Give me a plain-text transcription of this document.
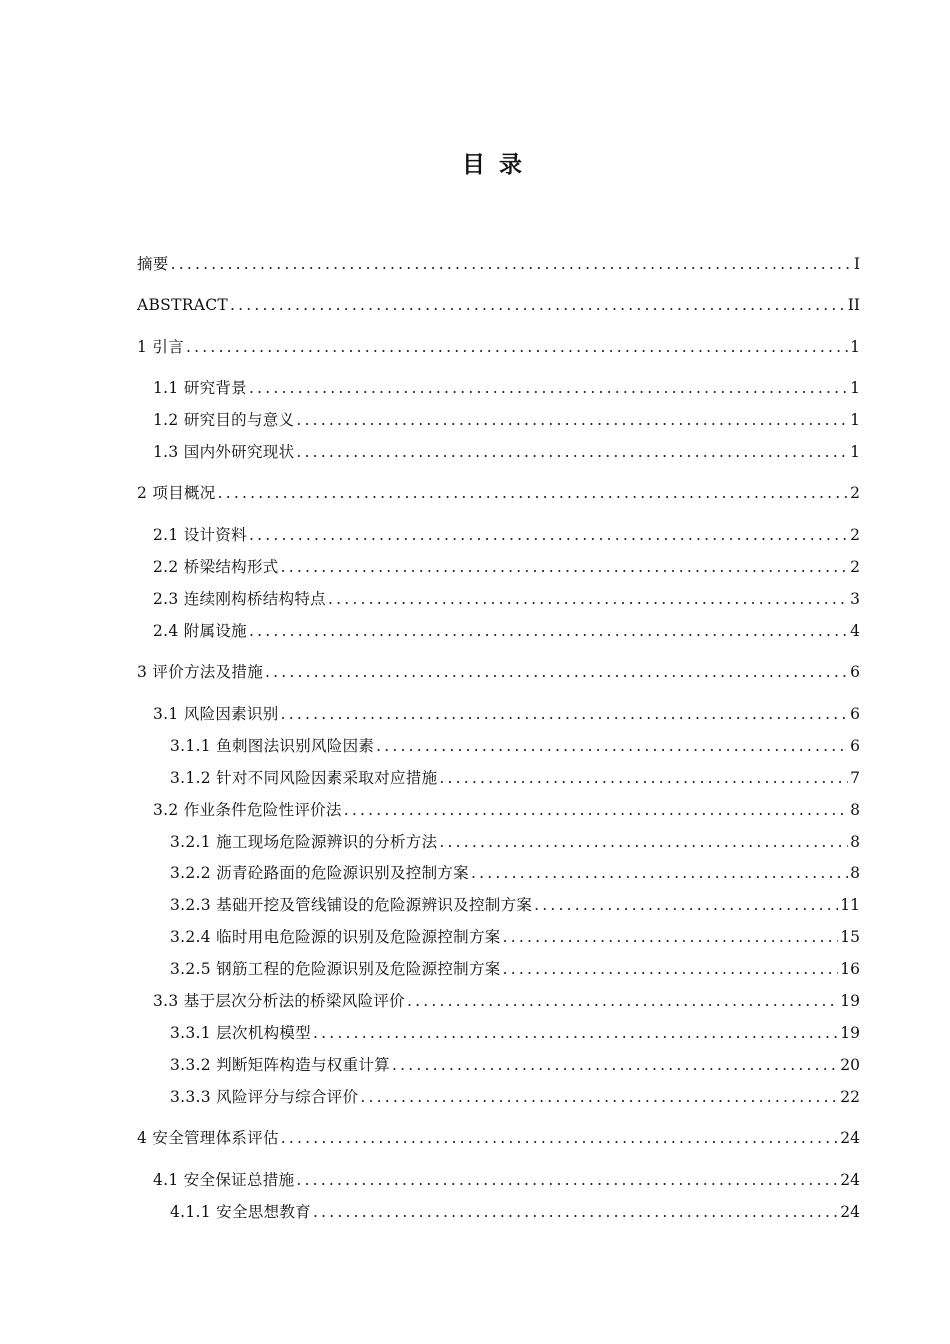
目录
摘要 .....	I
ABSTRACT .....	II
1 引言 .....	1
1.1 研究背景 .....	1
1.2 研究目的与意义 .....	1
1.3 国内外研究现状 .....	1
2 项目概况 .....	2
2.1 设计资料 .....	2
2.2 桥梁结构形式 .....	2
2.3 连续刚构桥结构特点 .....	3
2.4 附属设施 .....	4
3 评价方法及措施 .....	6
3.1 风险因素识别 .....	6
3.1.1 鱼刺图法识别风险因素 .....	6
3.1.2 针对不同风险因素采取对应措施 .....	7
3.2 作业条件危险性评价法 .....	8
3.2.1 施工现场危险源辨识的分析方法 .....	8
3.2.2 沥青砼路面的危险源识别及控制方案 .....	8
3.2.3 基础开挖及管线铺设的危险源辨识及控制方案 .....	11
3.2.4 临时用电危险源的识别及危险源控制方案 .....	15
3.2.5 钢筋工程的危险源识别及危险源控制方案 .....	16
3.3 基于层次分析法的桥梁风险评价 .....	19
3.3.1 层次机构模型 .....	19
3.3.2 判断矩阵构造与权重计算 .....	20
3.3.3 风险评分与综合评价 .....	22
4 安全管理体系评估 .....	24
4.1 安全保证总措施 .....	24
4.1.1 安全思想教育 .....	24
